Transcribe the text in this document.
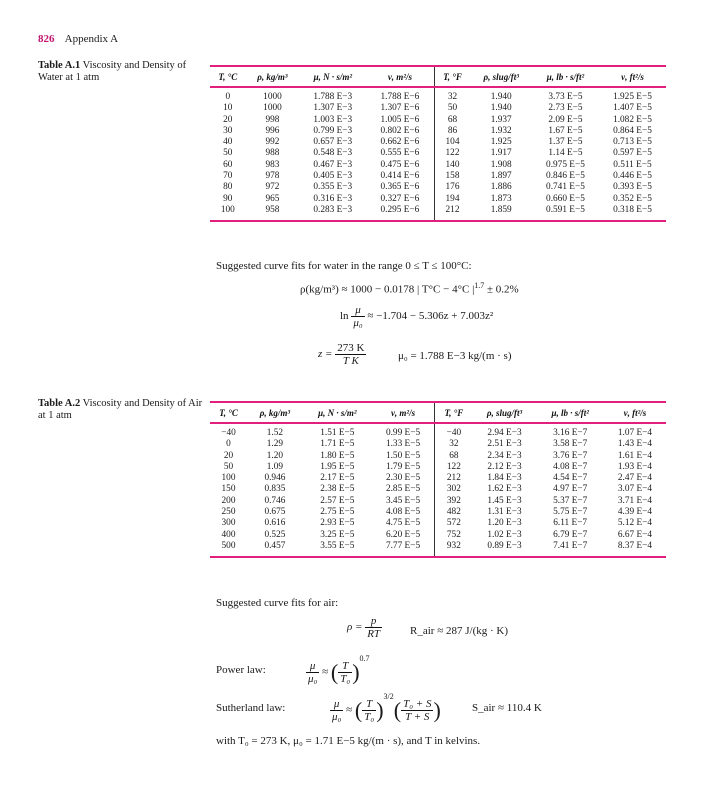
826 Appendix A
Table A.1 Viscosity and Density of Water at 1 atm	T, °C	ρ, kg/m³	μ, N · s/m²	ν, m²/s	T, °F	ρ, slug/ft³	μ, lb · s/ft²	ν, ft²/s
0	1000	1.788 E−3	1.788 E−6	32	1.940	3.73 E−5	1.925 E−5
10	1000	1.307 E−3	1.307 E−6	50	1.940	2.73 E−5	1.407 E−5
20	998	1.003 E−3	1.005 E−6	68	1.937	2.09 E−5	1.082 E−5
30	996	0.799 E−3	0.802 E−6	86	1.932	1.67 E−5	0.864 E−5
40	992	0.657 E−3	0.662 E−6	104	1.925	1.37 E−5	0.713 E−5
50	988	0.548 E−3	0.555 E−6	122	1.917	1.14 E−5	0.597 E−5
60	983	0.467 E−3	0.475 E−6	140	1.908	0.975 E−5	0.511 E−5
70	978	0.405 E−3	0.414 E−6	158	1.897	0.846 E−5	0.446 E−5
80	972	0.355 E−3	0.365 E−6	176	1.886	0.741 E−5	0.393 E−5
90	965	0.316 E−3	0.327 E−6	194	1.873	0.660 E−5	0.352 E−5
100	958	0.283 E−3	0.295 E−6	212	1.859	0.591 E−5	0.318 E−5
Suggested curve fits for water in the range 0 ≤ T ≤ 100°C:
ρ(kg/m³) ≈ 1000 − 0.0178 | T°C − 4°C $|^{1.7} \pm 0.2\%$
$\ln \frac{\mu}{\text{μ₀}} \approx -1.704 - 5.306z + 7.003z^2$
$z = \frac{273 K}{\text{T K}}$	μ₀ = 1.788 E−3 kg/(m · s)
Table A.2 Viscosity and Density of Air at 1 atm	T, °C	ρ, kg/m³	μ, N · s/m²	ν, m²/s	T, °F	ρ, slug/ft³	μ, lb · s/ft²	ν, ft²/s
−40	1.52	1.51 E−5	0.99 E−5	−40	2.94 E−3	3.16 E−7	1.07 E−4
0	1.29	1.71 E−5	1.33 E−5	32	2.51 E−3	3.58 E−7	1.43 E−4
20	1.20	1.80 E−5	1.50 E−5	68	2.34 E−3	3.76 E−7	1.61 E−4
50	1.09	1.95 E−5	1.79 E−5	122	2.12 E−3	4.08 E−7	1.93 E−4
100	0.946	2.17 E−5	2.30 E−5	212	1.84 E−3	4.54 E−7	2.47 E−4
150	0.835	2.38 E−5	2.85 E−5	302	1.62 E−3	4.97 E−7	3.07 E−4
200	0.746	2.57 E−5	3.45 E−5	392	1.45 E−3	5.37 E−7	3.71 E−4
250	0.675	2.75 E−5	4.08 E−5	482	1.31 E−3	5.75 E−7	4.39 E−4
300	0.616	2.93 E−5	4.75 E−5	572	1.20 E−3	6.11 E−7	5.12 E−4
400	0.525	3.25 E−5	6.20 E−5	752	1.02 E−3	6.79 E−7	6.67 E−4
500	0.457	3.55 E−5	7.77 E−5	932	0.89 E−3	7.41 E−7	8.37 E−4
Suggested curve fits for air:
$\rho = \frac{p}{RT}$	R_air ≈ 287 J/(kg · K)
Power law:	$\frac{\mu}{\text{μ₀}}$ ≈ ( $\frac{T}{\text{T₀}} )^{0.7}$
Sutherland law:	$\frac{\mu}{\text{μ₀}}$ ≈ ( $\frac{T}{\text{T₀}} )^{3/2}( \frac{\text{T₀ + S}}{T + S}$ )	S_air ≈ 110.4 K
with T₀ = 273 K, μ₀ = 1.71 E−5 kg/(m · s), and T in kelvins.
